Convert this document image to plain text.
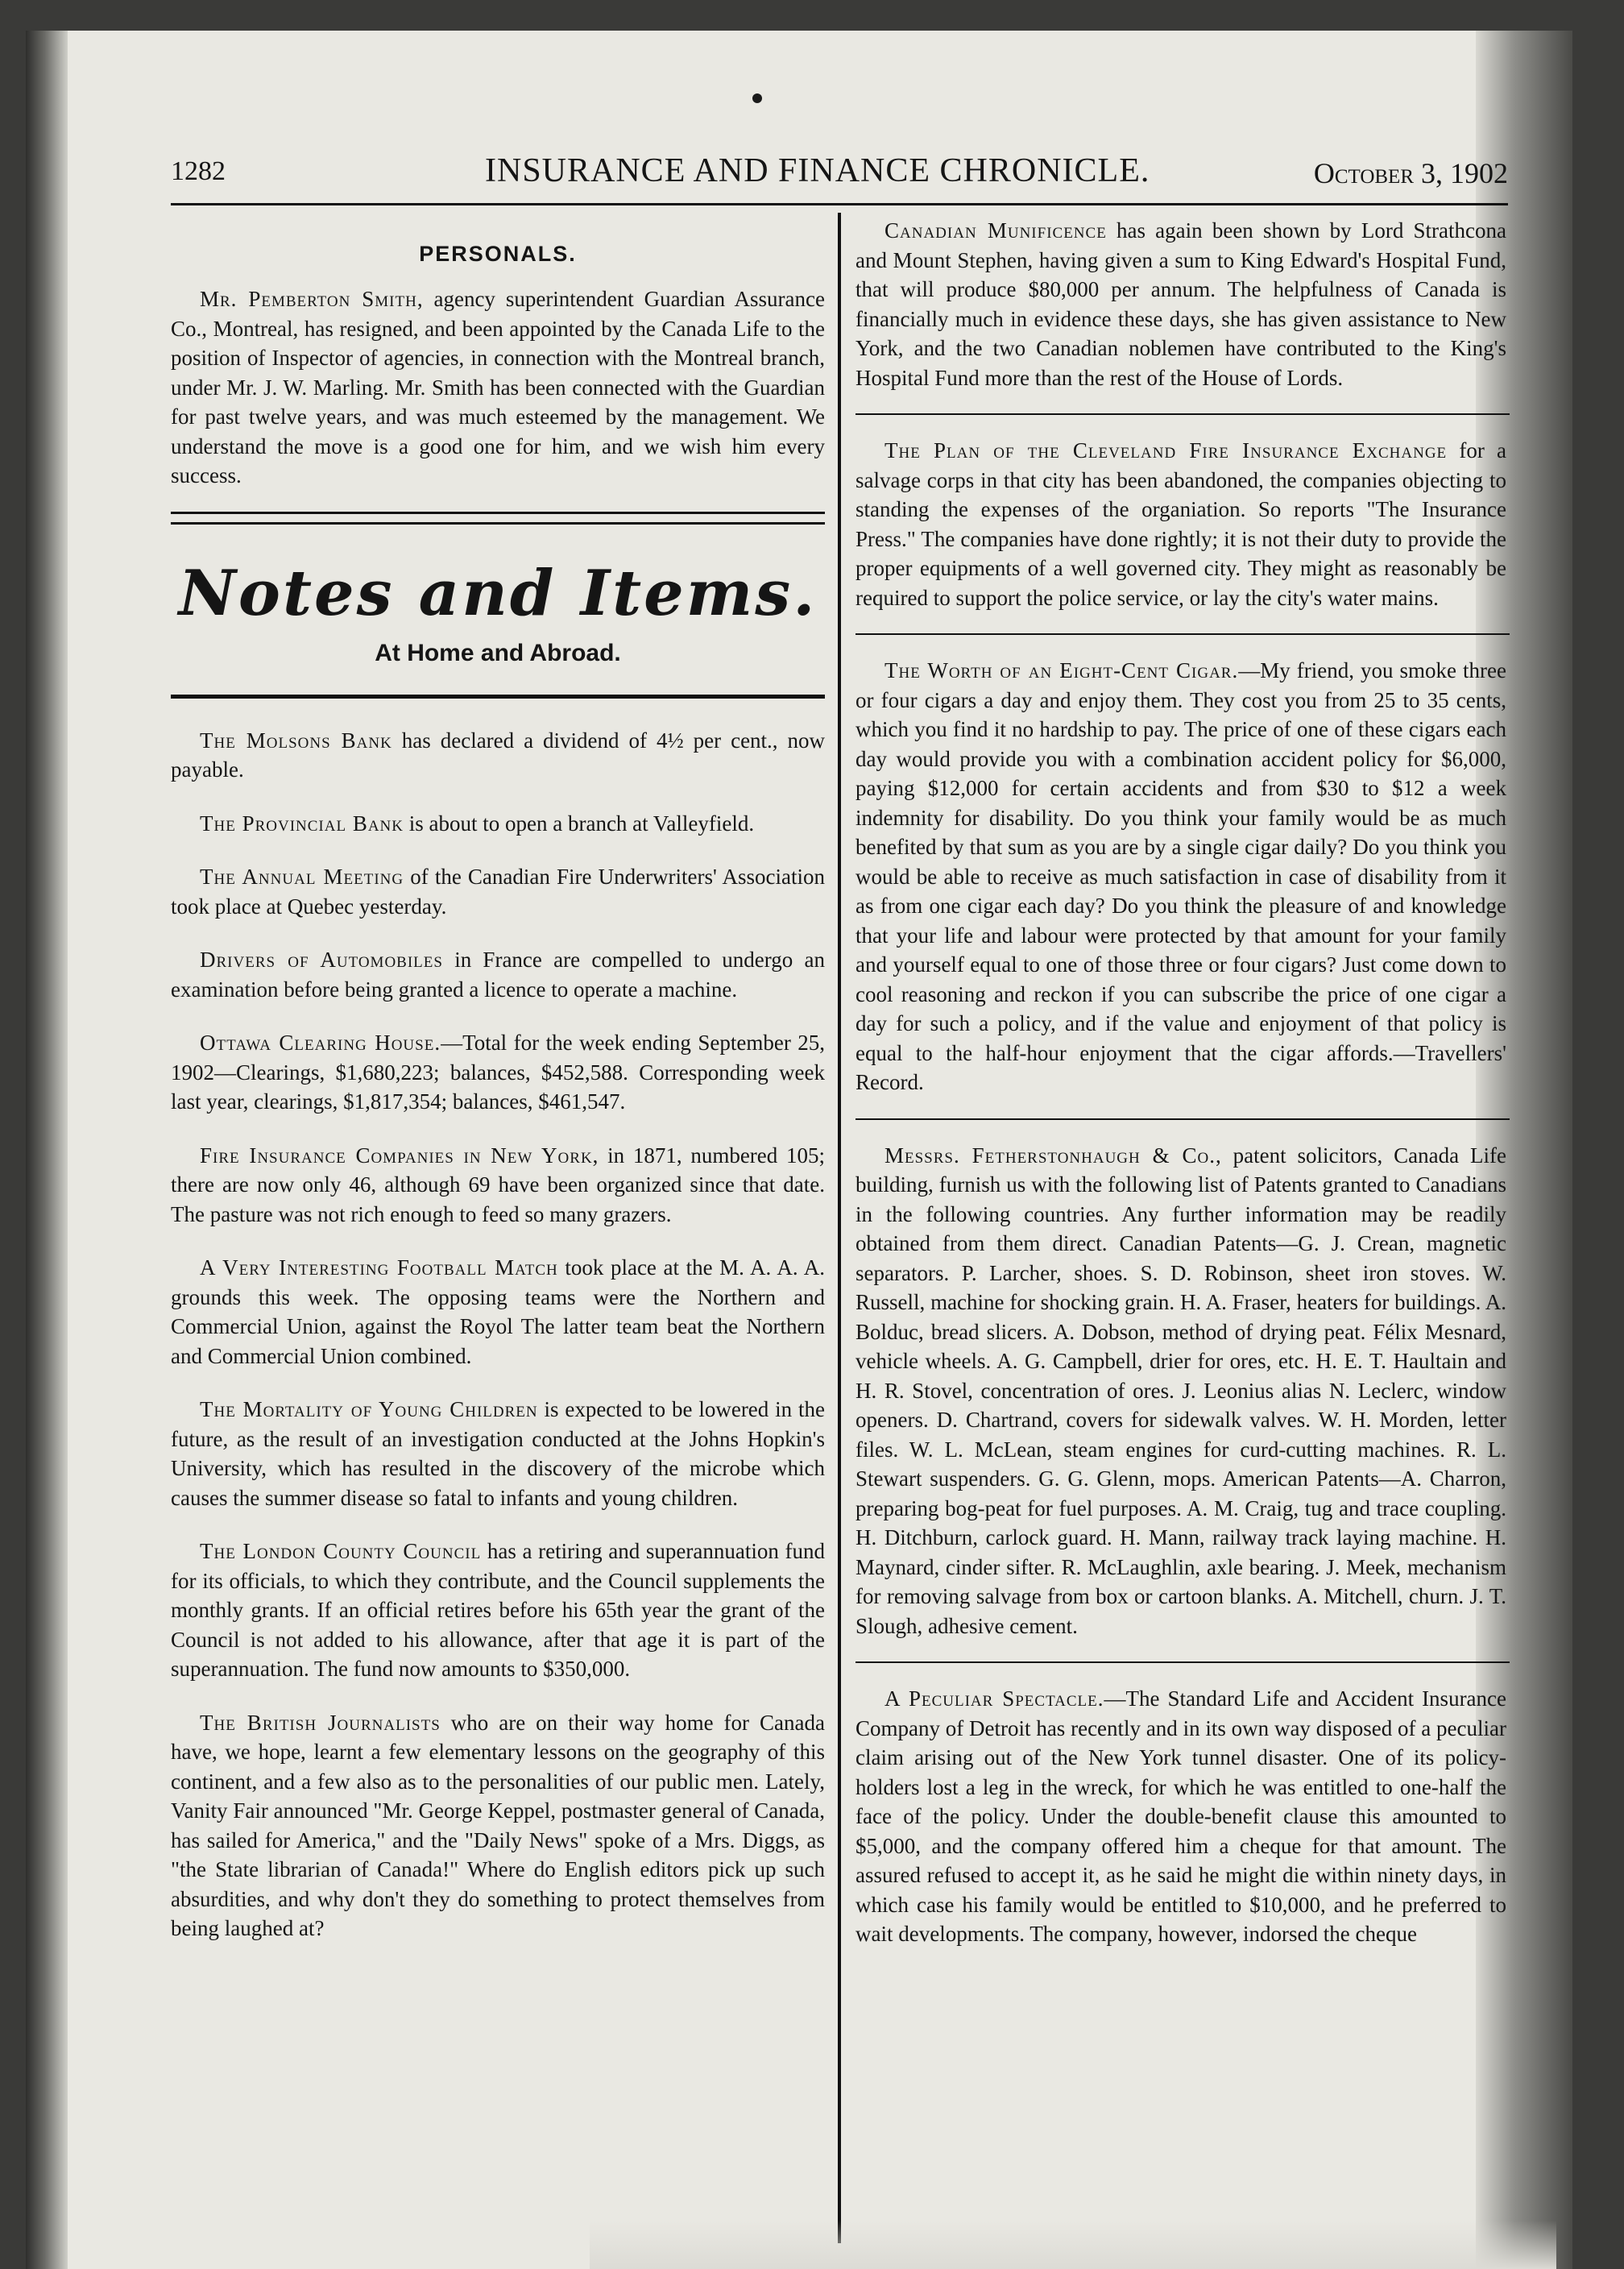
1282	INSURANCE AND FINANCE CHRONICLE.	October 3, 1902
PERSONALS.

Mr. Pemberton Smith, agency superintendent Guardian Assurance Co., Montreal, has resigned, and been appointed by the Canada Life to the position of Inspector of agencies, in connection with the Montreal branch, under Mr. J. W. Marling. Mr. Smith has been connected with the Guardian for past twelve years, and was much esteemed by the management. We understand the move is a good one for him, and we wish him every success.

Notes and Items.
At Home and Abroad.

The Molsons Bank has declared a dividend of 4½ per cent., now payable.

The Provincial Bank is about to open a branch at Valleyfield.

The Annual Meeting of the Canadian Fire Underwriters' Association took place at Quebec yesterday.

Drivers of Automobiles in France are compelled to undergo an examination before being granted a licence to operate a machine.

Ottawa Clearing House.—Total for the week ending September 25, 1902—Clearings, $1,680,223; balances, $452,588. Corresponding week last year, clearings, $1,817,354; balances, $461,547.

Fire Insurance Companies in New York, in 1871, numbered 105; there are now only 46, although 69 have been organized since that date. The pasture was not rich enough to feed so many grazers.

A Very Interesting Football Match took place at the M. A. A. A. grounds this week. The opposing teams were the Northern and Commercial Union, against the Royol The latter team beat the Northern and Commercial Union combined.

The Mortality of Young Children is expected to be lowered in the future, as the result of an investigation conducted at the Johns Hopkin's University, which has resulted in the discovery of the microbe which causes the summer disease so fatal to infants and young children.

The London County Council has a retiring and superannuation fund for its officials, to which they contribute, and the Council supplements the monthly grants. If an official retires before his 65th year the grant of the Council is not added to his allowance, after that age it is part of the superannuation. The fund now amounts to $350,000.

The British Journalists who are on their way home for Canada have, we hope, learnt a few elementary lessons on the geography of this continent, and a few also as to the personalities of our public men. Lately, Vanity Fair announced "Mr. George Keppel, postmaster general of Canada, has sailed for America," and the "Daily News" spoke of a Mrs. Diggs, as "the State librarian of Canada!" Where do English editors pick up such absurdities, and why don't they do something to protect themselves from being laughed at?

Canadian Munificence has again been shown by Lord Strathcona and Mount Stephen, having given a sum to King Edward's Hospital Fund, that will produce $80,000 per annum. The helpfulness of Canada is financially much in evidence these days, she has given assistance to New York, and the two Canadian noblemen have contributed to the King's Hospital Fund more than the rest of the House of Lords.

The Plan of the Cleveland Fire Insurance Exchange for a salvage corps in that city has been abandoned, the companies objecting to standing the expenses of the organiation. So reports "The Insurance Press." The companies have done rightly; it is not their duty to provide the proper equipments of a well governed city. They might as reasonably be required to support the police service, or lay the city's water mains.

The Worth of an Eight-Cent Cigar.—My friend, you smoke three or four cigars a day and enjoy them. They cost you from 25 to 35 cents, which you find it no hardship to pay. The price of one of these cigars each day would provide you with a combination accident policy for $6,000, paying $12,000 for certain accidents and from $30 to $12 a week indemnity for disability. Do you think your family would be as much benefited by that sum as you are by a single cigar daily? Do you think you would be able to receive as much satisfaction in case of disability from it as from one cigar each day? Do you think the pleasure of and knowledge that your life and labour were protected by that amount for your family and yourself equal to one of those three or four cigars? Just come down to cool reasoning and reckon if you can subscribe the price of one cigar a day for such a policy, and if the value and enjoyment of that policy is equal to the half-hour enjoyment that the cigar affords.—Travellers' Record.

Messrs. Fetherstonhaugh & Co., patent solicitors, Canada Life building, furnish us with the following list of Patents granted to Canadians in the following countries. Any further information may be readily obtained from them direct. Canadian Patents—G. J. Crean, magnetic separators. P. Larcher, shoes. S. D. Robinson, sheet iron stoves. W. Russell, machine for shocking grain. H. A. Fraser, heaters for buildings. A. Bolduc, bread slicers. A. Dobson, method of drying peat. Félix Mesnard, vehicle wheels. A. G. Campbell, drier for ores, etc. H. E. T. Haultain and H. R. Stovel, concentration of ores. J. Leonius alias N. Leclerc, window openers. D. Chartrand, covers for sidewalk valves. W. H. Morden, letter files. W. L. McLean, steam engines for curd-cutting machines. R. L. Stewart suspenders. G. G. Glenn, mops. American Patents—A. Charron, preparing bog-peat for fuel purposes. A. M. Craig, tug and trace coupling. H. Ditchburn, carlock guard. H. Mann, railway track laying machine. H. Maynard, cinder sifter. R. McLaughlin, axle bearing. J. Meek, mechanism for removing salvage from box or cartoon blanks. A. Mitchell, churn. J. T. Slough, adhesive cement.

A Peculiar Spectacle.—The Standard Life and Accident Insurance Company of Detroit has recently and in its own way disposed of a peculiar claim arising out of the New York tunnel disaster. One of its policy-holders lost a leg in the wreck, for which he was entitled to one-half the face of the policy. Under the double-benefit clause this amounted to $5,000, and the company offered him a cheque for that amount. The assured refused to accept it, as he said he might die within ninety days, in which case his family would be entitled to $10,000, and he preferred to wait developments. The company, however, indorsed the cheque
